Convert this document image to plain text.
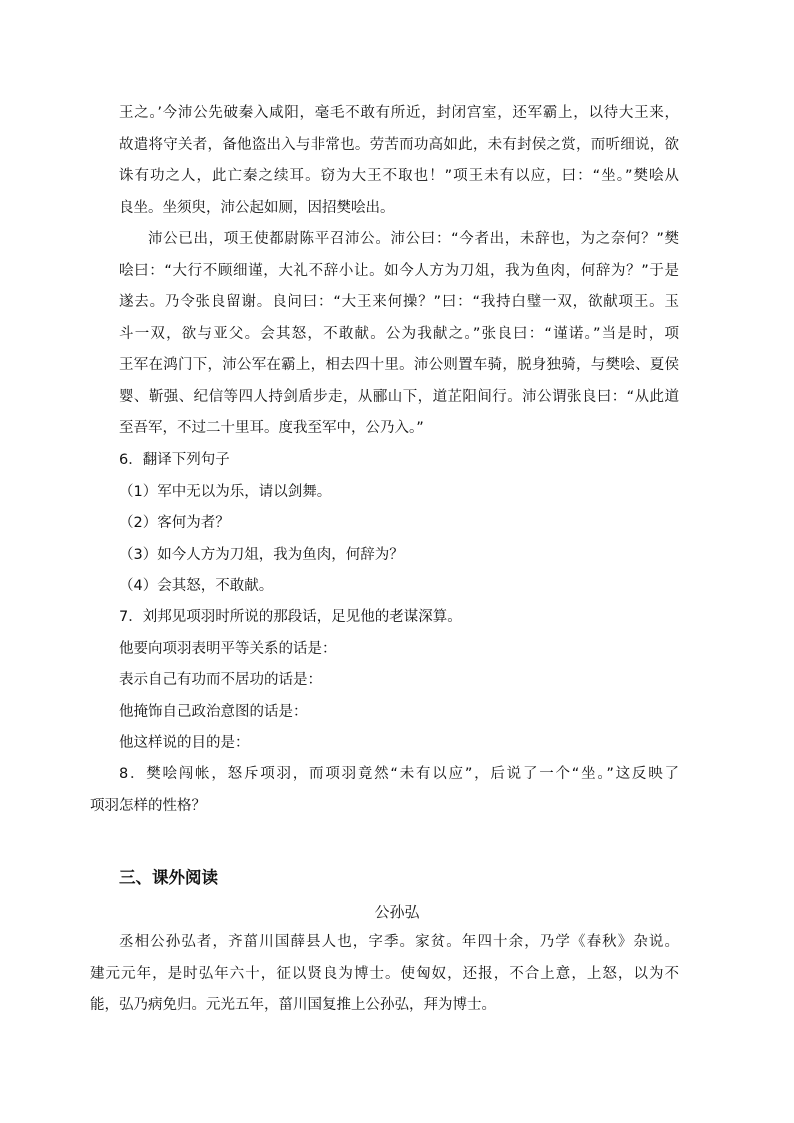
王之。’今沛公先破秦入咸阳，毫毛不敢有所近，封闭宫室，还军霸上，以待大王来，
故遣将守关者，备他盗出入与非常也。劳苦而功高如此，未有封侯之赏，而听细说，欲
诛有功之人，此亡秦之续耳。窃为大王不取也！”项王未有以应，曰：“坐。”樊哙从
良坐。坐须臾，沛公起如厕，因招樊哙出。
沛公已出，项王使都尉陈平召沛公。沛公曰：“今者出，未辞也，为之奈何？”樊
哙曰：“大行不顾细谨，大礼不辞小让。如今人方为刀俎，我为鱼肉，何辞为？”于是
遂去。乃令张良留谢。良问曰：“大王来何操？”曰：“我持白璧一双，欲献项王。玉
斗一双，欲与亚父。会其怒，不敢献。公为我献之。”张良曰：“谨诺。”当是时，项
王军在鸿门下，沛公军在霸上，相去四十里。沛公则置车骑，脱身独骑，与樊哙、夏侯
婴、靳强、纪信等四人持剑盾步走，从郦山下，道芷阳间行。沛公谓张良曰：“从此道
至吾军，不过二十里耳。度我至军中，公乃入。”
6．翻译下列句子
（1）军中无以为乐，请以剑舞。
（2）客何为者？
（3）如今人方为刀俎，我为鱼肉，何辞为？
（4）会其怒，不敢献。
7．刘邦见项羽时所说的那段话，足见他的老谋深算。
他要向项羽表明平等关系的话是：
表示自己有功而不居功的话是：
他掩饰自己政治意图的话是：
他这样说的目的是：
8．樊哙闯帐，怒斥项羽，而项羽竟然“未有以应”，后说了一个“坐。”这反映了
项羽怎样的性格？
三、课外阅读
公孙弘
丞相公孙弘者，齐菑川国薛县人也，字季。家贫。年四十余，乃学《春秋》杂说。
建元元年，是时弘年六十，征以贤良为博士。使匈奴，还报，不合上意，上怒，以为不
能，弘乃病免归。元光五年，菑川国复推上公孙弘，拜为博士。
